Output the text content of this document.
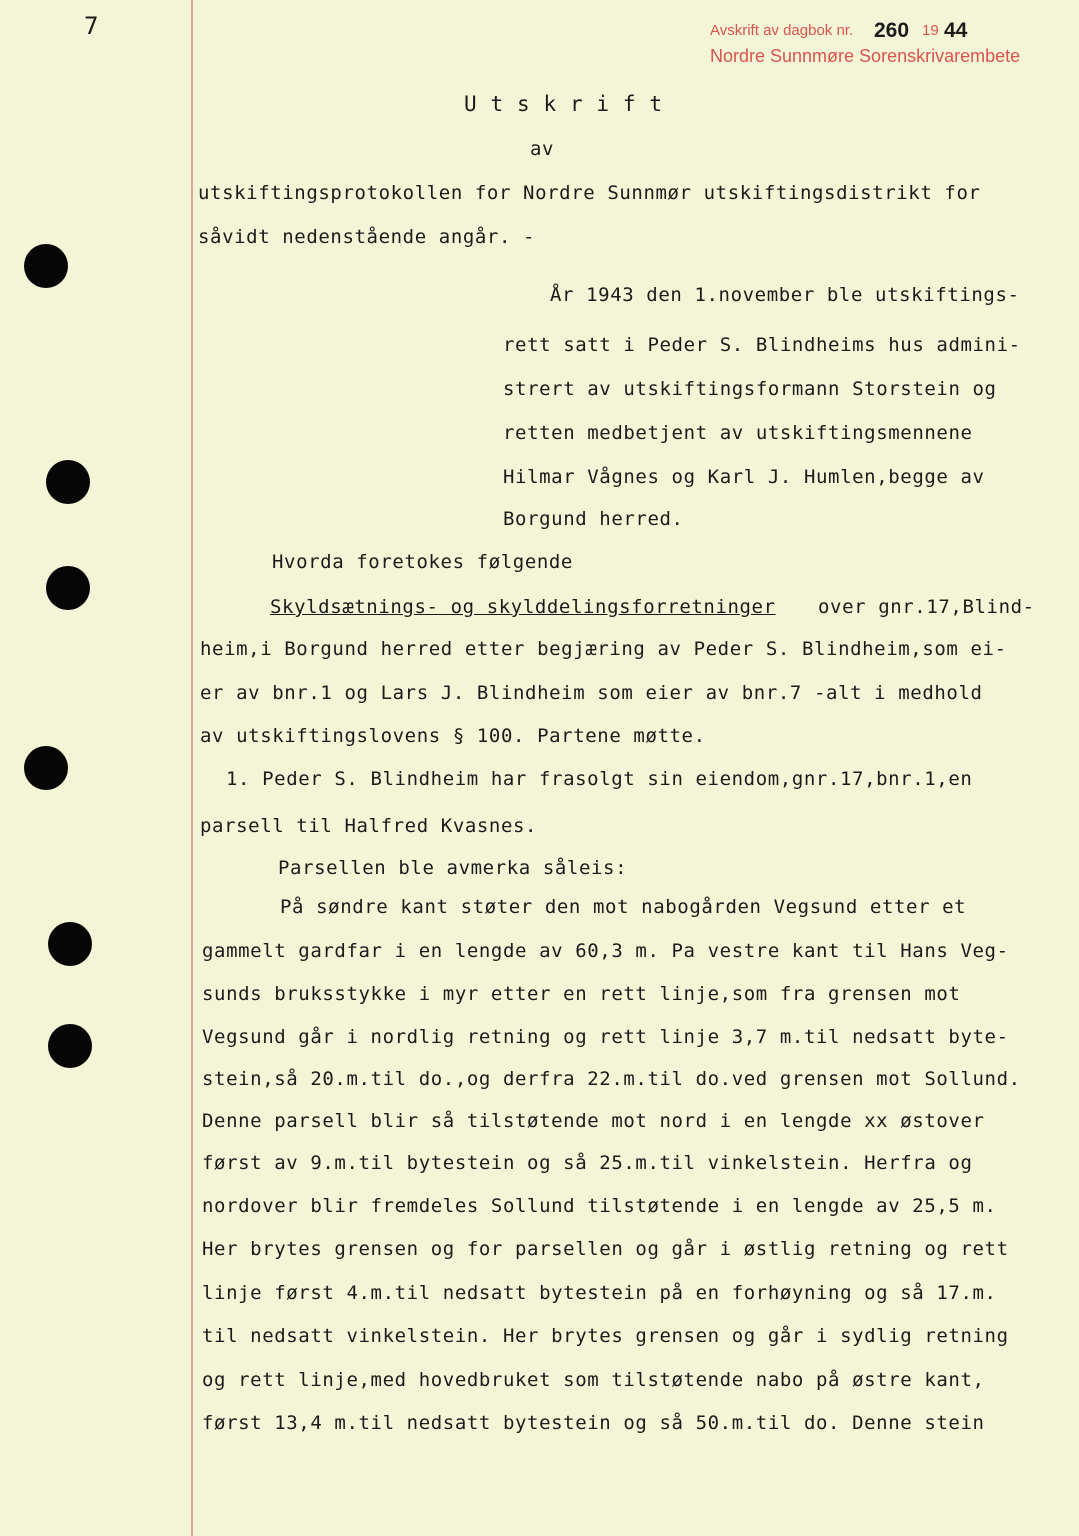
7	Avskrift av dagbok nr. 260 19 44

Nordre Sunnmøre Sorenskrivarembete

U t s k r i f t

av

utskiftingsprotokollen for Nordre Sunnmør utskiftingsdistrikt for

såvidt nedenstående angår. -

År 1943 den 1.november ble utskiftings-

rett satt i Peder S. Blindheims hus admini-

strert av utskiftingsformann Storstein og

retten medbetjent av utskiftingsmennene

Hilmar Vågnes og Karl J. Humlen,begge av

Borgund herred.

Hvorda foretokes følgende

Skyldsætnings- og skylddelingsforretninger over gnr.17,Blind-

heim,i Borgund herred etter begjæring av Peder S. Blindheim,som ei-

er av bnr.1 og Lars J. Blindheim som eier av bnr.7 -alt i medhold

av utskiftingslovens § 100. Partene møtte.

1. Peder S. Blindheim har frasolgt sin eiendom,gnr.17,bnr.1,en

parsell til Halfred Kvasnes.

Parsellen ble avmerka såleis:

På søndre kant støter den mot nabogården Vegsund etter et

gammelt gardfar i en lengde av 60,3 m. Pa vestre kant til Hans Veg-

sunds bruksstykke i myr etter en rett linje,som fra grensen mot

Vegsund går i nordlig retning og rett linje 3,7 m.til nedsatt byte-

stein,så 20.m.til do.,og derfra 22.m.til do.ved grensen mot Sollund.

Denne parsell blir så tilstøtende mot nord i en lengde xx østover

først av 9.m.til bytestein og så 25.m.til vinkelstein. Herfra og

nordover blir fremdeles Sollund tilstøtende i en lengde av 25,5 m.

Her brytes grensen og for parsellen og går i østlig retning og rett

linje først 4.m.til nedsatt bytestein på en forhøyning og så 17.m.

til nedsatt vinkelstein. Her brytes grensen og går i sydlig retning

og rett linje,med hovedbruket som tilstøtende nabo på østre kant,

først 13,4 m.til nedsatt bytestein og så 50.m.til do. Denne stein
